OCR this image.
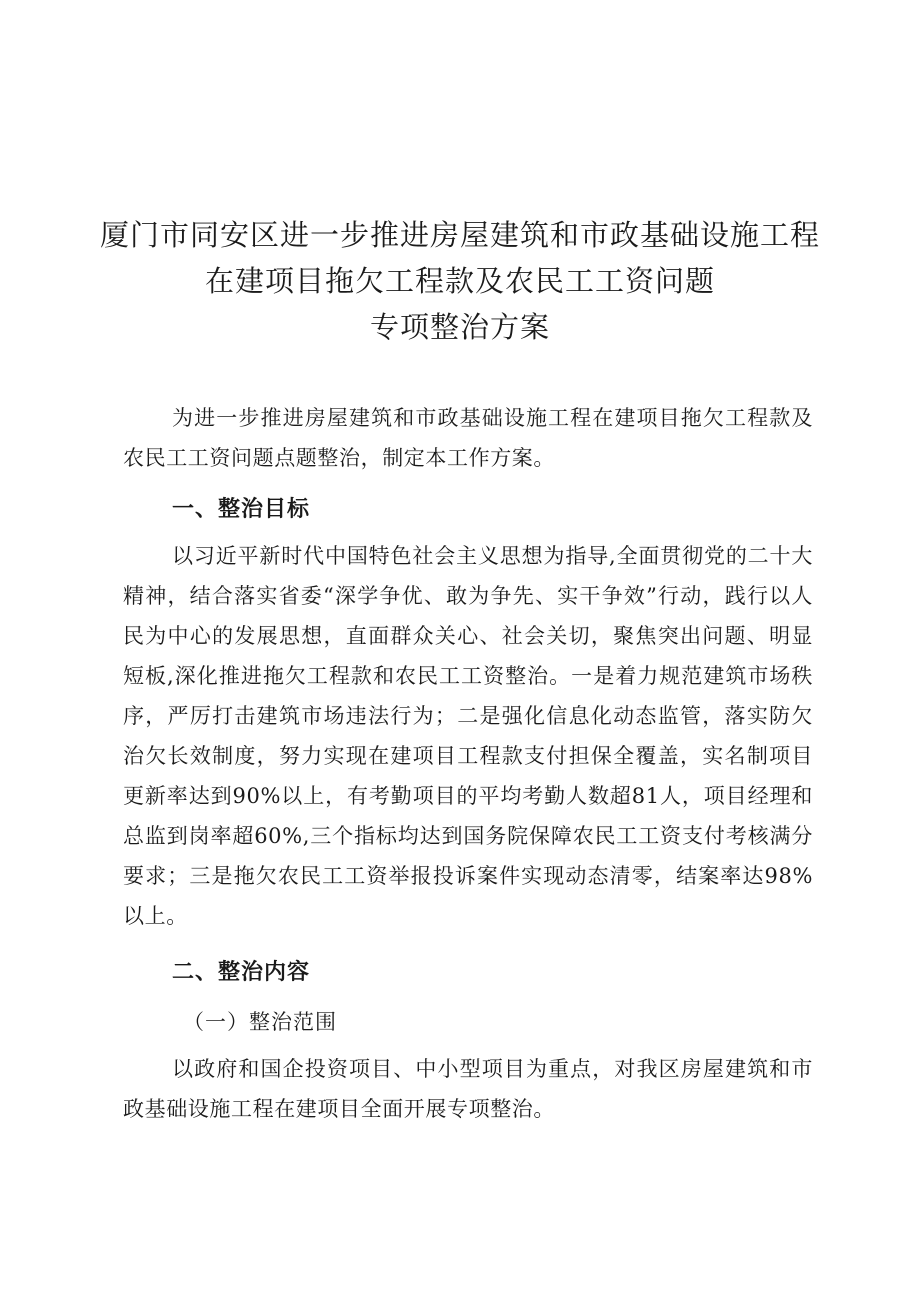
厦门市同安区进一步推进房屋建筑和市政基础设施工程
在建项目拖欠工程款及农民工工资问题
专项整治方案
为进一步推进房屋建筑和市政基础设施工程在建项目拖欠工程款及农民工工资问题点题整治，制定本工作方案。
一、整治目标
以习近平新时代中国特色社会主义思想为指导,全面贯彻党的二十大精神，结合落实省委“深学争优、敢为争先、实干争效”行动，践行以人民为中心的发展思想，直面群众关心、社会关切，聚焦突出问题、明显短板,深化推进拖欠工程款和农民工工资整治。一是着力规范建筑市场秩序，严厉打击建筑市场违法行为；二是强化信息化动态监管，落实防欠治欠长效制度，努力实现在建项目工程款支付担保全覆盖，实名制项目更新率达到90%以上，有考勤项目的平均考勤人数超81人，项目经理和总监到岗率超60%,三个指标均达到国务院保障农民工工资支付考核满分要求；三是拖欠农民工工资举报投诉案件实现动态清零，结案率达98%以上。
二、整治内容
（一）整治范围
以政府和国企投资项目、中小型项目为重点，对我区房屋建筑和市政基础设施工程在建项目全面开展专项整治。
